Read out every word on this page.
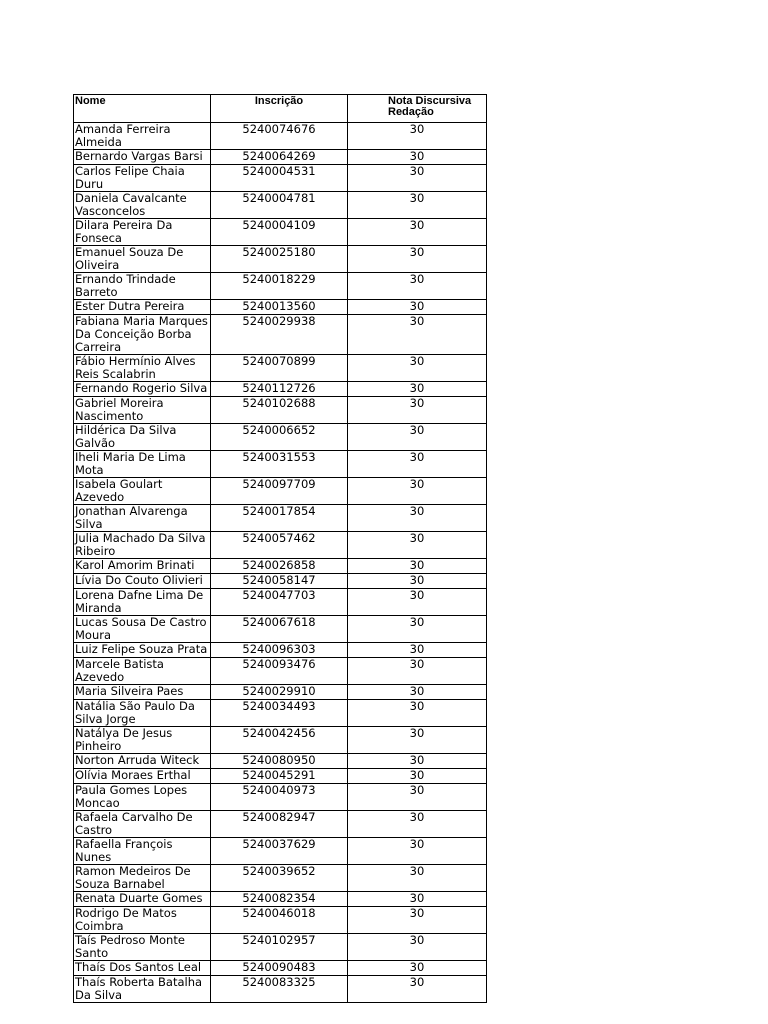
Nome	Inscrição	Nota Discursiva Redação

Amanda Ferreira Almeida	5240074676	30

Bernardo Vargas Barsi	5240064269	30

Carlos Felipe Chaia Duru	5240004531	30

Daniela Cavalcante Vasconcelos	5240004781	30

Dilara Pereira Da Fonseca	5240004109	30

Emanuel Souza De Oliveira	5240025180	30

Ernando Trindade Barreto	5240018229	30

Ester Dutra Pereira	5240013560	30

Fabiana Maria Marques Da Conceição Borba Carreira	5240029938	30

Fábio Hermínio Alves Reis Scalabrin	5240070899	30

Fernando Rogerio Silva	5240112726	30

Gabriel Moreira Nascimento	5240102688	30

Hildérica Da Silva Galvão	5240006652	30

Iheli Maria De Lima Mota	5240031553	30

Isabela Goulart Azevedo	5240097709	30

Jonathan Alvarenga Silva	5240017854	30

Julia Machado Da Silva Ribeiro	5240057462	30

Karol Amorim Brinati	5240026858	30

Lívia Do Couto Olivieri	5240058147	30

Lorena Dafne Lima De Miranda	5240047703	30

Lucas Sousa De Castro Moura	5240067618	30

Luiz Felipe Souza Prata	5240096303	30

Marcele Batista Azevedo	5240093476	30

Maria Silveira Paes	5240029910	30

Natália São Paulo Da Silva Jorge	5240034493	30

Natálya De Jesus Pinheiro	5240042456	30

Norton Arruda Witeck	5240080950	30

Olívia Moraes Erthal	5240045291	30

Paula Gomes Lopes Moncao	5240040973	30

Rafaela Carvalho De Castro	5240082947	30

Rafaella François Nunes	5240037629	30

Ramon Medeiros De Souza Barnabel	5240039652	30

Renata Duarte Gomes	5240082354	30

Rodrigo De Matos Coimbra	5240046018	30

Taís Pedroso Monte Santo	5240102957	30

Thaís Dos Santos Leal	5240090483	30

Thaís Roberta Batalha Da Silva	5240083325	30
